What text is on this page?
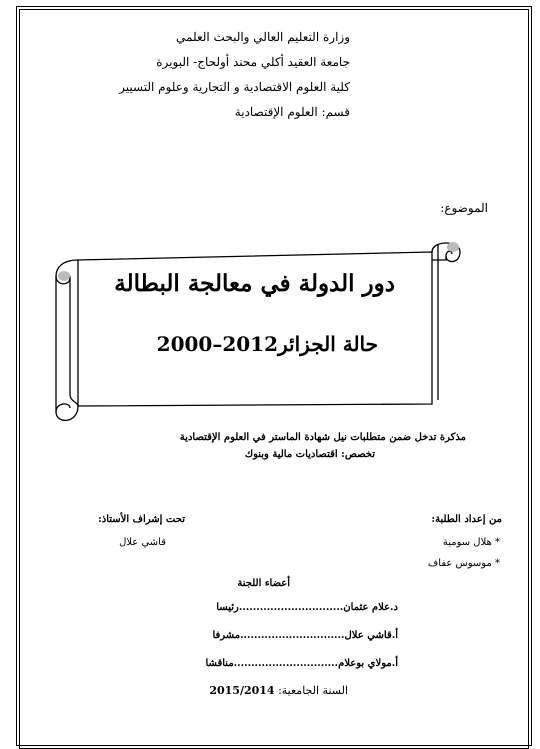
وزارة التعليم العالي والبحث العلمي
جامعة العقيد أكلي محند أولحاج- البويرة
كلية العلوم الاقتصادية و التجارية وعلوم التسيير
قسم: العلوم الإقتصادية
الموضوع:
دور الدولة في معالجة البطالة
حالة الجزائر2000–2012
مذكرة تدخل ضمن متطلبات نيل شهادة الماستر في العلوم الإقتصادية
تخصص: اقتصاديات مالية وبنوك
من إعداد الطلبة:
* هلال سومية
* موسوس عفاف
تحت إشراف الأستاذ:
قاشي علال
أعضاء اللجنة
د.علام عثمان..............................رئيسا
أ.قاشي علال..............................مشرفا
أ.مولاي بوعلام..............................مناقشا
السنة الجامعية: 2015/2014
